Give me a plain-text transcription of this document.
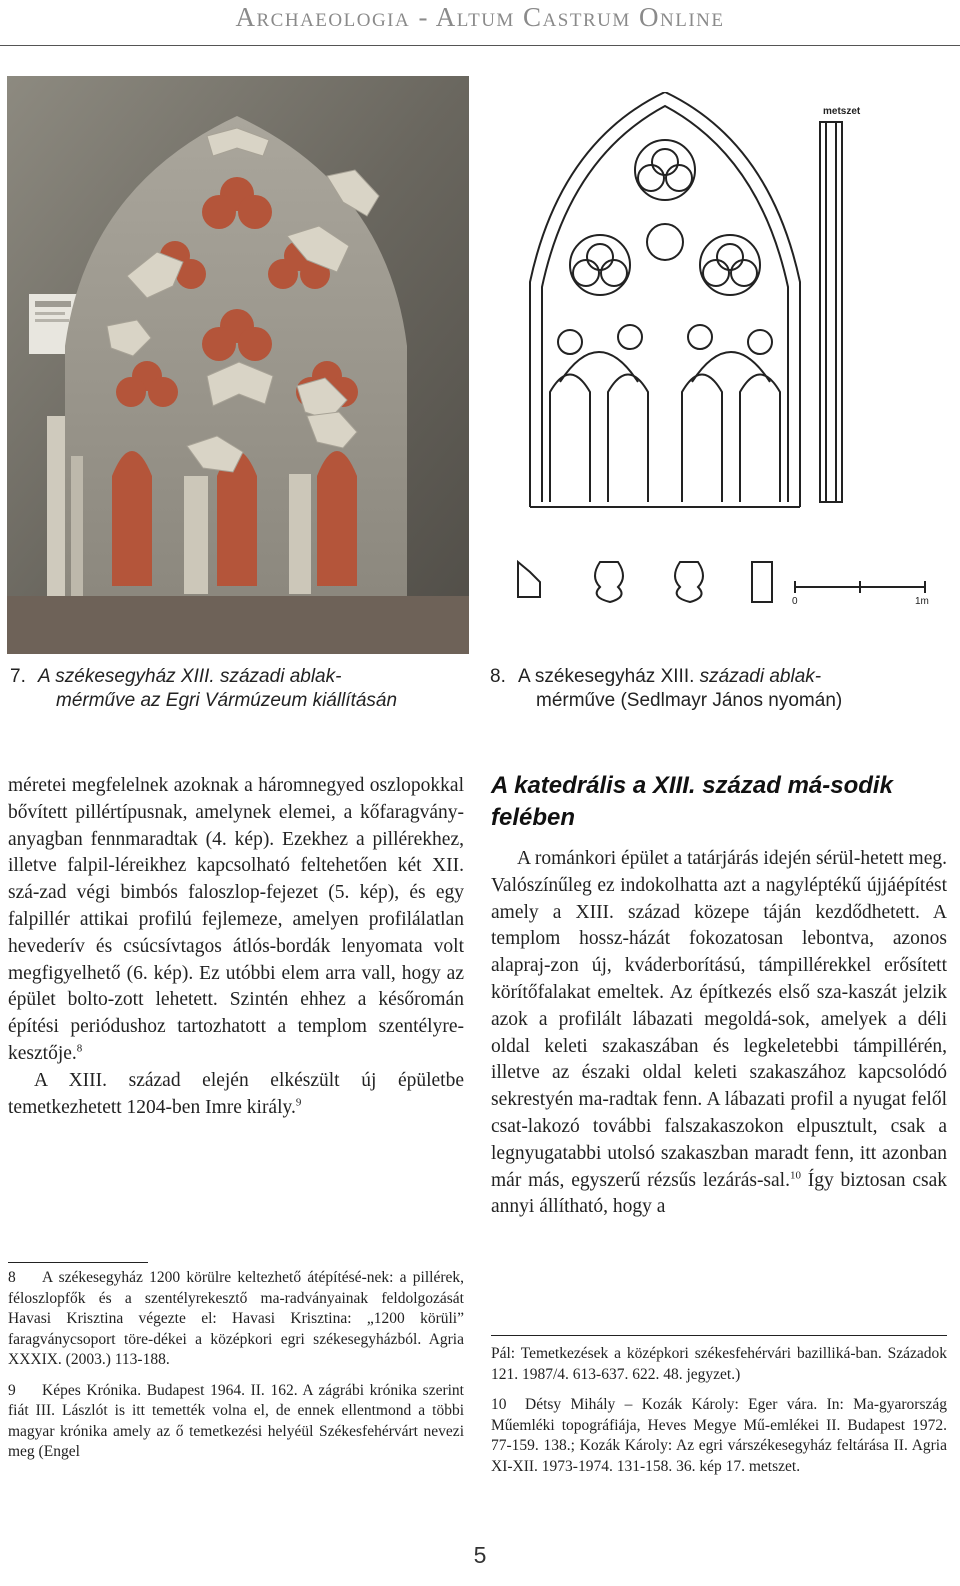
Archaeologia - Altum Castrum Online
metszet
0	1m
7. A székesegyház XIII. századi ablak-
mérműve az Egri Vármúzeum kiállításán
8. A székesegyház XIII. századi ablak-
mérműve (Sedlmayr János nyomán)

méretei megfelelnek azoknak a háromnegyed oszlopokkal bővített pillértípusnak, amelynek elemei, a kőfaragvány-anyagban fennmaradtak (4. kép). Ezekhez a pillérekhez, illetve falpil-léreikhez kapcsolható feltehetően két XII. szá-zad végi bimbós faloszlop-fejezet (5. kép), és egy falpillér attikai profilú fejlemeze, amelyen profilálatlan hevederív és csúcsívtagos átlós-bordák lenyomata volt megfigyelhető (6. kép). Ez utóbbi elem arra vall, hogy az épület bolto-zott lehetett. Szintén ehhez a későromán építési periódushoz tartozhatott a templom szentélyre-kesztője.$^8$

A XIII. század elején elkészült új épületbe temetkezhetett 1204-ben Imre király.$^9$

A katedrális a XIII. század má-sodik felében

A románkori épület a tatárjárás idején sérül-hetett meg. Valószínűleg ez indokolhatta azt a nagyléptékű újjáépítést amely a XIII. század közepe táján kezdődhetett. A templom hossz-házát fokozatosan lebontva, azonos alapraj-zon új, kváderborítású, támpillérekkel erősített körítőfalakat emeltek. Az építkezés első sza-kaszát jelzik azok a profilált lábazati megoldá-sok, amelyek a déli oldal keleti szakaszában és legkeletebbi támpillérén, illetve az északi oldal keleti szakaszához kapcsolódó sekrestyén ma-radtak fenn. A lábazati profil a nyugat felől csat-lakozó további falszakaszokon elpusztult, csak a legnyugatabbi utolsó szakaszban maradt fenn, itt azonban már más, egyszerű rézsűs lezárás-sal.$^{10}$ Így biztosan csak annyi állítható, hogy a

8 A székesegyház 1200 körülre keltezhető átépítésé-nek: a pillérek, féloszlopfők és a szentélyrekesztő ma-radványainak feldolgozását Havasi Krisztina végezte el: Havasi Krisztina: „1200 körüli” faragványcsoport töre-dékei a középkori egri székesegyházból. Agria XXXIX. (2003.) 113-188.

9 Képes Krónika. Budapest 1964. II. 162. A zágrábi krónika szerint fiát III. Lászlót is itt temették volna el, de ennek ellentmond a többi magyar krónika amely az ő temetkezési helyéül Székesfehérvárt nevezi meg (Engel

Pál: Temetkezések a középkori székesfehérvári bazilliká-ban. Századok 121. 1987/4. 613-637. 622. 48. jegyzet.)

10 Détsy Mihály – Kozák Károly: Eger vára. In: Ma-gyarország Műemléki topográfiája, Heves Megye Mű-emlékei II. Budapest 1972. 77-159. 138.; Kozák Károly: Az egri várszékesegyház feltárása II. Agria XI-XII. 1973-1974. 131-158. 36. kép 17. metszet.

5
